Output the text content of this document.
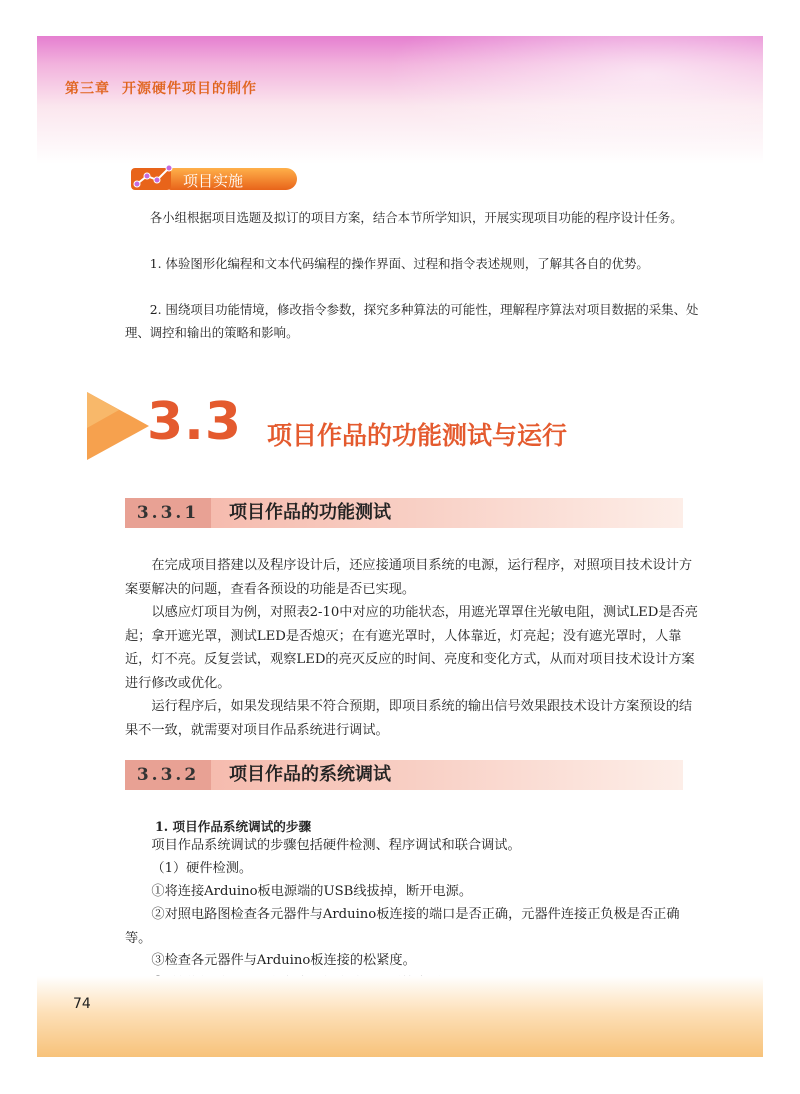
第三章 开源硬件项目的制作
项目实施

各小组根据项目选题及拟订的项目方案，结合本节所学知识，开展实现项目功能的程序设计任务。

1. 体验图形化编程和文本代码编程的操作界面、过程和指令表述规则，了解其各自的优势。

2. 围绕项目功能情境，修改指令参数，探究多种算法的可能性，理解程序算法对项目数据的采集、处理、调控和输出的策略和影响。

3.3 项目作品的功能测试与运行
3.3.1	项目作品的功能测试

在完成项目搭建以及程序设计后，还应接通项目系统的电源，运行程序，对照项目技术设计方案要解决的问题，查看各预设的功能是否已实现。

以感应灯项目为例，对照表2-10中对应的功能状态，用遮光罩罩住光敏电阻，测试LED是否亮起；拿开遮光罩，测试LED是否熄灭；在有遮光罩时，人体靠近，灯亮起；没有遮光罩时，人靠近，灯不亮。反复尝试，观察LED的亮灭反应的时间、亮度和变化方式，从而对项目技术设计方案进行修改或优化。

运行程序后，如果发现结果不符合预期，即项目系统的输出信号效果跟技术设计方案预设的结果不一致，就需要对项目作品系统进行调试。

3.3.2	项目作品的系统调试
1. 项目作品系统调试的步骤

项目作品系统调试的步骤包括硬件检测、程序调试和联合调试。

（1）硬件检测。

①将连接Arduino板电源端的USB线拔掉，断开电源。

②对照电路图检查各元器件与Arduino板连接的端口是否正确，元器件连接正负极是否正确等。

③检查各元器件与Arduino板连接的松紧度。

74
